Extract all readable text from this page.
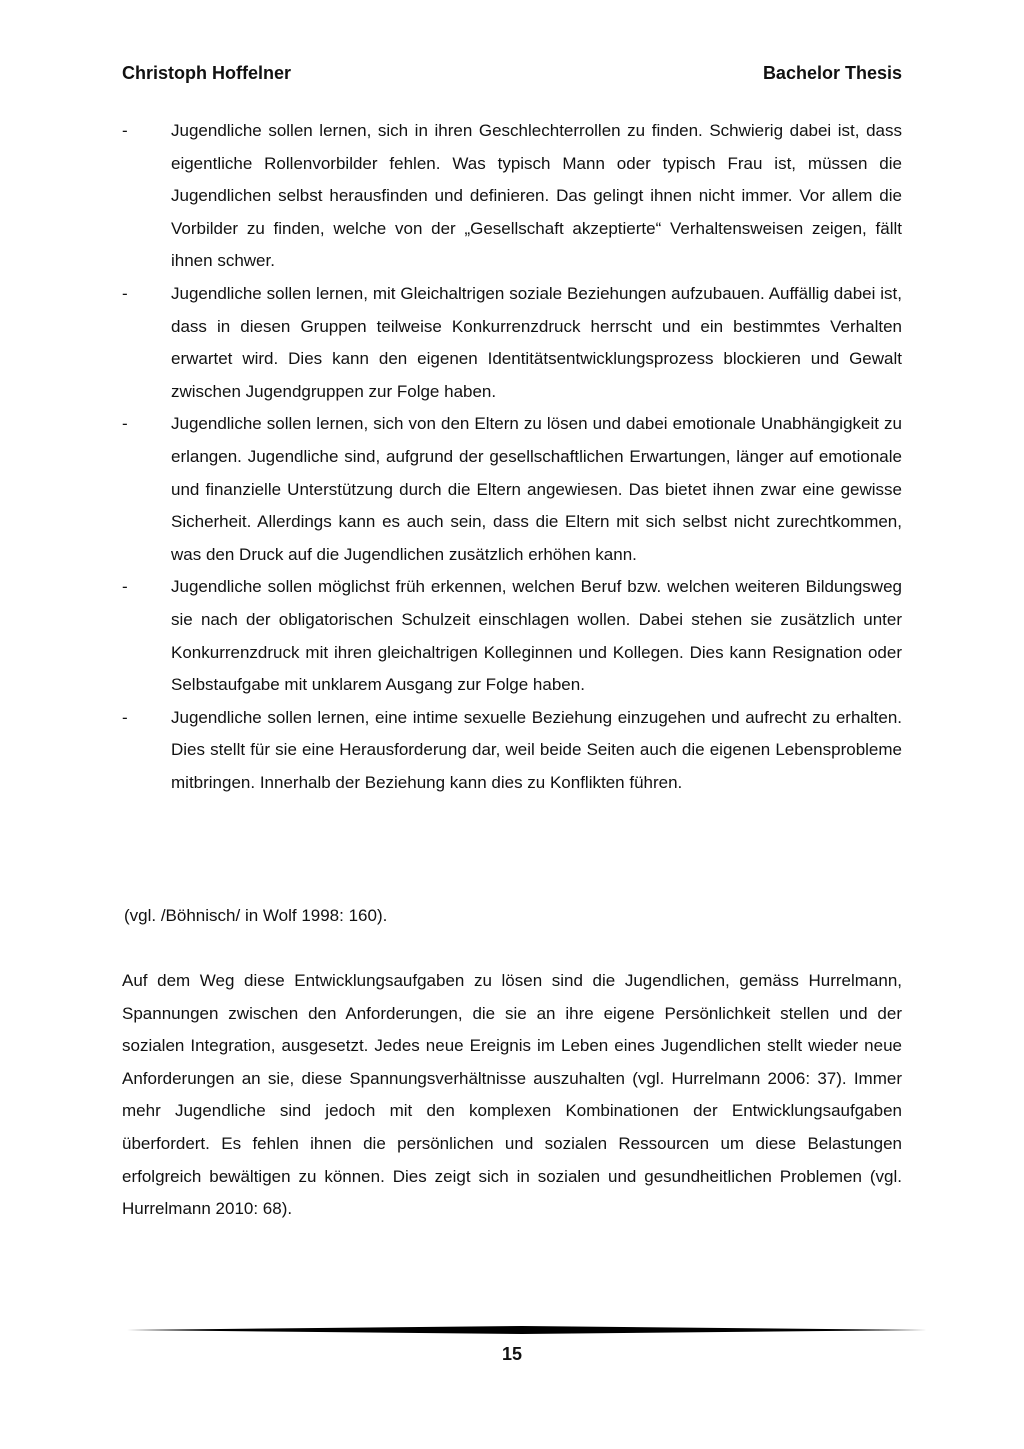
Christoph Hoffelner	Bachelor Thesis
-	Jugendliche sollen lernen, sich in ihren Geschlechterrollen zu finden. Schwierig dabei ist, dass eigentliche Rollenvorbilder fehlen. Was typisch Mann oder typisch Frau ist, müssen die Jugendlichen selbst herausfinden und definieren. Das gelingt ihnen nicht immer. Vor allem die Vorbilder zu finden, welche von der „Gesellschaft akzeptierte“ Verhaltensweisen zeigen, fällt ihnen schwer.
-	Jugendliche sollen lernen, mit Gleichaltrigen soziale Beziehungen aufzubauen. Auffällig dabei ist, dass in diesen Gruppen teilweise Konkurrenzdruck herrscht und ein bestimmtes Verhalten erwartet wird. Dies kann den eigenen Identitätsentwicklungsprozess blockieren und Gewalt zwischen Jugendgruppen zur Folge haben.
-	Jugendliche sollen lernen, sich von den Eltern zu lösen und dabei emotionale Unabhängigkeit zu erlangen. Jugendliche sind, aufgrund der gesellschaftlichen Erwartungen, länger auf emotionale und finanzielle Unterstützung durch die Eltern angewiesen. Das bietet ihnen zwar eine gewisse Sicherheit. Allerdings kann es auch sein, dass die Eltern mit sich selbst nicht zurechtkommen, was den Druck auf die Jugendlichen zusätzlich erhöhen kann.
-	Jugendliche sollen möglichst früh erkennen, welchen Beruf bzw. welchen weiteren Bildungsweg sie nach der obligatorischen Schulzeit einschlagen wollen. Dabei stehen sie zusätzlich unter Konkurrenzdruck mit ihren gleichaltrigen Kolleginnen und Kollegen. Dies kann Resignation oder Selbstaufgabe mit unklarem Ausgang zur Folge haben.
-	Jugendliche sollen lernen, eine intime sexuelle Beziehung einzugehen und aufrecht zu erhalten. Dies stellt für sie eine Herausforderung dar, weil beide Seiten auch die eigenen Lebensprobleme mitbringen. Innerhalb der Beziehung kann dies zu Konflikten führen.
(vgl. /Böhnisch/ in Wolf 1998: 160).

Auf dem Weg diese Entwicklungsaufgaben zu lösen sind die Jugendlichen, gemäss Hurrelmann, Spannungen zwischen den Anforderungen, die sie an ihre eigene Persönlichkeit stellen und der sozialen Integration, ausgesetzt. Jedes neue Ereignis im Leben eines Jugendlichen stellt wieder neue Anforderungen an sie, diese Spannungsverhältnisse auszuhalten (vgl. Hurrelmann 2006: 37). Immer mehr Jugendliche sind jedoch mit den komplexen Kombinationen der Entwicklungsaufgaben überfordert. Es fehlen ihnen die persönlichen und sozialen Ressourcen um diese Belastungen erfolgreich bewältigen zu können. Dies zeigt sich in sozialen und gesundheitlichen Problemen (vgl. Hurrelmann 2010: 68).

15
